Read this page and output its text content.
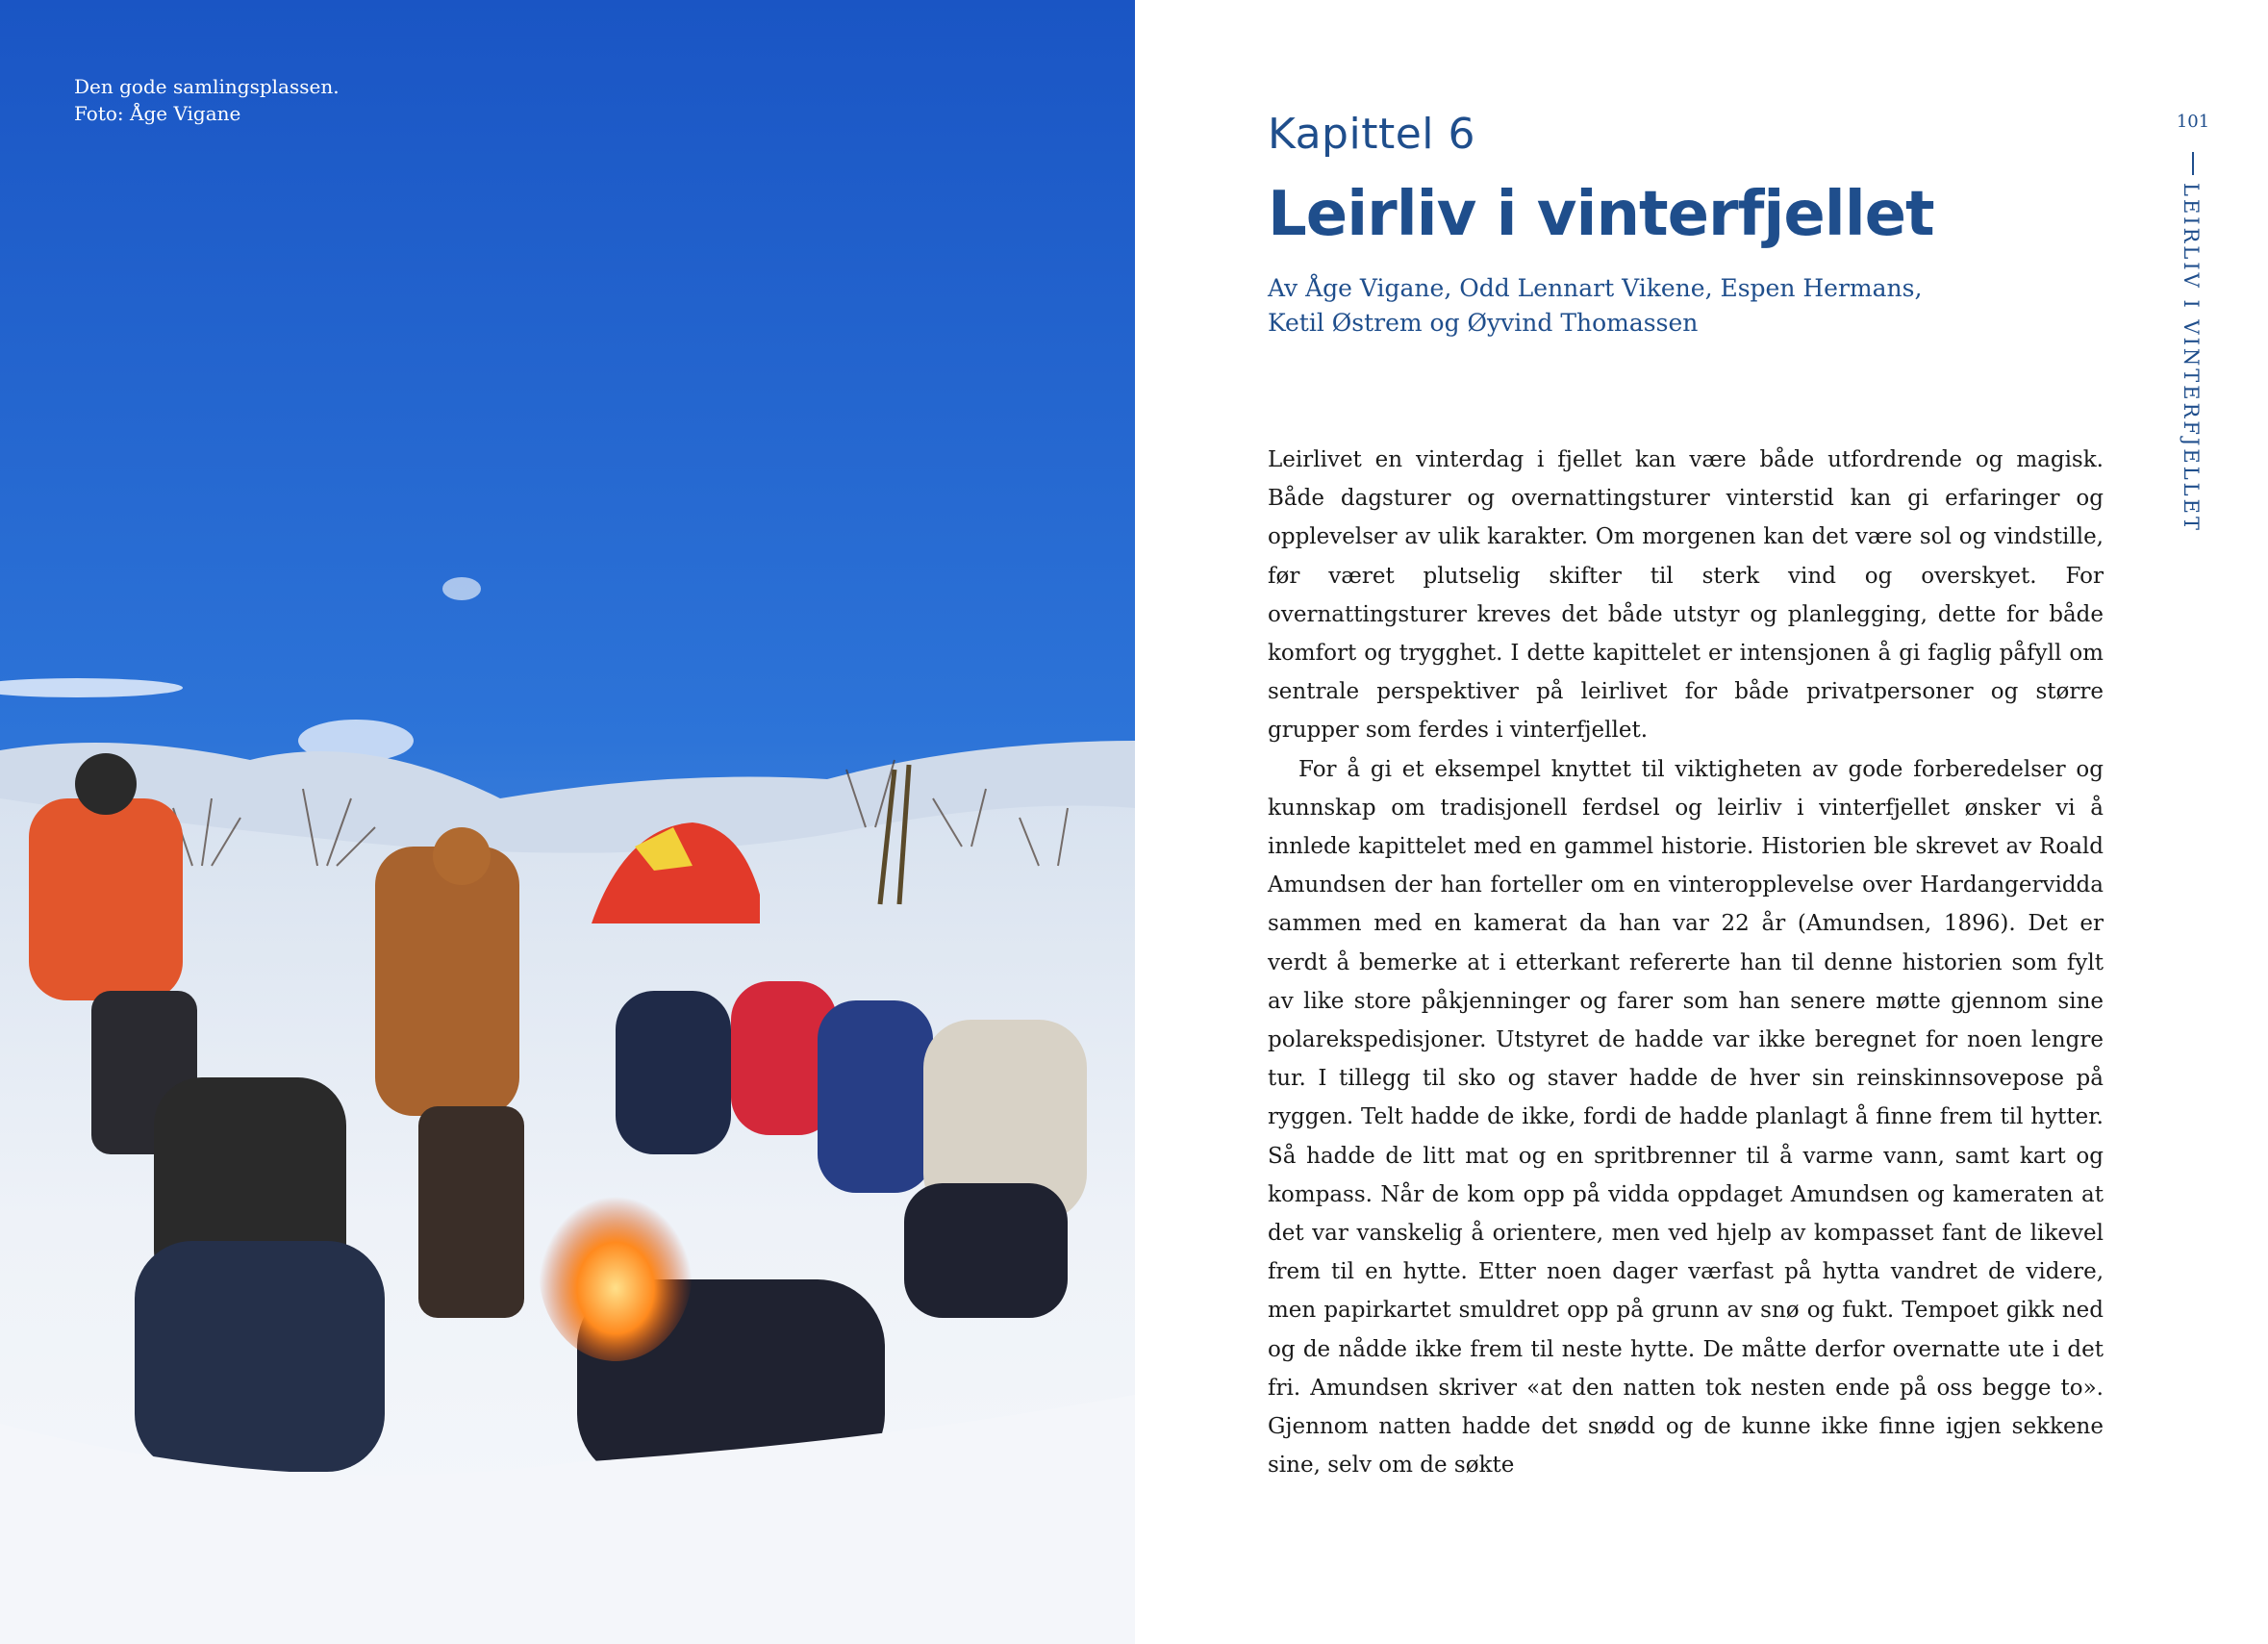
Den gode samlingsplassen.
Foto: Åge Vigane	Kapittel 6
Leirliv i vinterfjellet
Av Åge Vigane, Odd Lennart Vikene, Espen Hermans,
Ketil Østrem og Øyvind Thomassen

Leirlivet en vinterdag i fjellet kan være både utfordrende og magisk. Både dagsturer og overnattingsturer vinterstid kan gi erfaringer og opplevelser av ulik karakter. Om morgenen kan det være sol og vindstille, før været plutselig skifter til sterk vind og overskyet. For overnattingsturer kreves det både utstyr og planlegging, dette for både komfort og trygghet. I dette kapittelet er intensjonen å gi faglig påfyll om sentrale perspektiver på leirlivet for både privatpersoner og større grupper som ferdes i vinterfjellet.

For å gi et eksempel knyttet til viktigheten av gode forberedelser og kunnskap om tradisjonell ferdsel og leirliv i vinterfjellet ønsker vi å innlede kapittelet med en gammel historie. Historien ble skrevet av Roald Amundsen der han forteller om en vinteropplevelse over Hardangervidda sammen med en kamerat da han var 22 år (Amundsen, 1896). Det er verdt å bemerke at i etterkant refererte han til denne historien som fylt av like store påkjenninger og farer som han senere møtte gjennom sine polarekspedisjoner. Utstyret de hadde var ikke beregnet for noen lengre tur. I tillegg til sko og staver hadde de hver sin reinskinnsovepose på ryggen. Telt hadde de ikke, fordi de hadde planlagt å finne frem til hytter. Så hadde de litt mat og en spritbrenner til å varme vann, samt kart og kompass. Når de kom opp på vidda oppdaget Amundsen og kameraten at det var vanskelig å orientere, men ved hjelp av kompasset fant de likevel frem til en hytte. Etter noen dager værfast på hytta vandret de videre, men papirkartet smuldret opp på grunn av snø og fukt. Tempoet gikk ned og de nådde ikke frem til neste hytte. De måtte derfor overnatte ute i det fri. Amundsen skriver «at den natten tok nesten ende på oss begge to». Gjennom natten hadde det snødd og de kunne ikke finne igjen sekkene sine, selv om de søkte

101
LEIRLIV I VINTERFJELLET
